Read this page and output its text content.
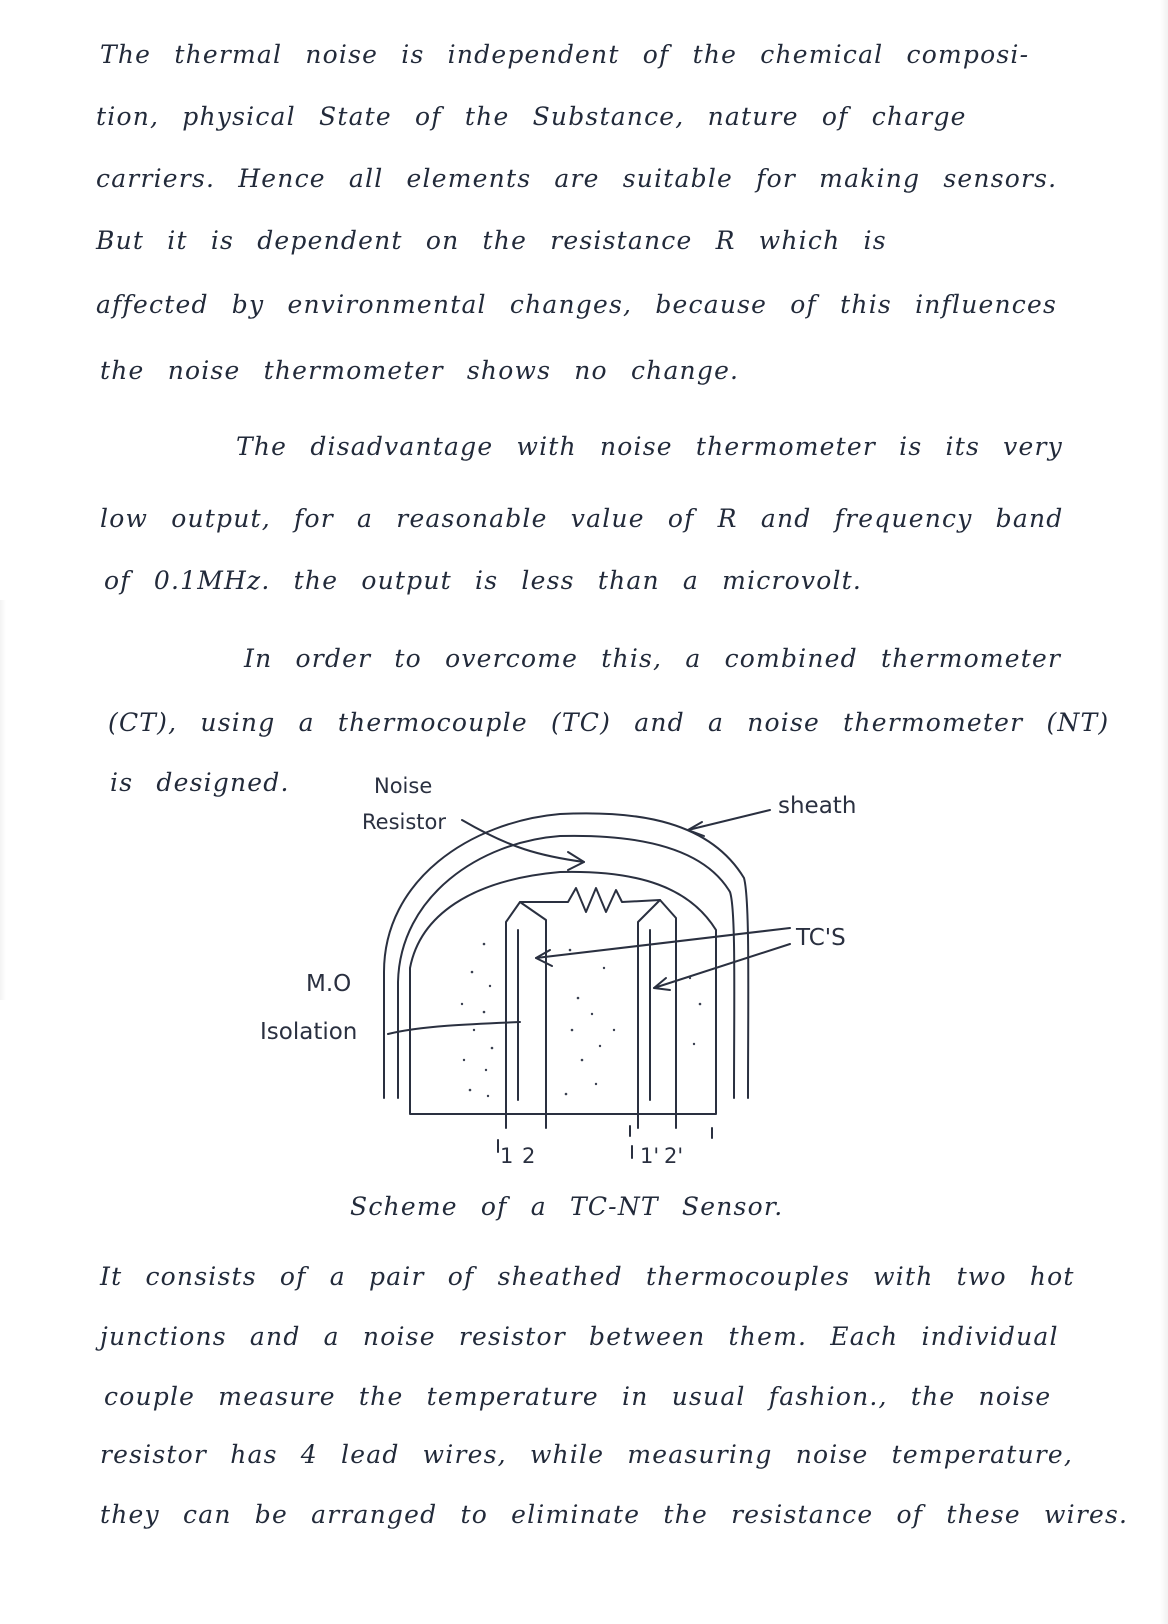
The thermal noise is independent of the chemical composi-
tion, physical State of the Substance, nature of charge
carriers. Hence all elements are suitable for making sensors.
But it is dependent on the resistance R which is
affected by environmental changes, because of this influences
the noise thermometer shows no change.
The disadvantage with noise thermometer is its very
low output, for a reasonable value of R and frequency band
of 0.1MHz. the output is less than a microvolt.
In order to overcome this, a combined thermometer
(CT), using a thermocouple (TC) and a noise thermometer (NT)
is designed.	Noise
Resistor
sheath
TC'S
M.O
Isolation
1 2	1' 2'
Scheme of a TC-NT Sensor.
It consists of a pair of sheathed thermocouples with two hot
junctions and a noise resistor between them. Each individual
couple measure the temperature in usual fashion., the noise
resistor has 4 lead wires, while measuring noise temperature,
they can be arranged to eliminate the resistance of these wires.
